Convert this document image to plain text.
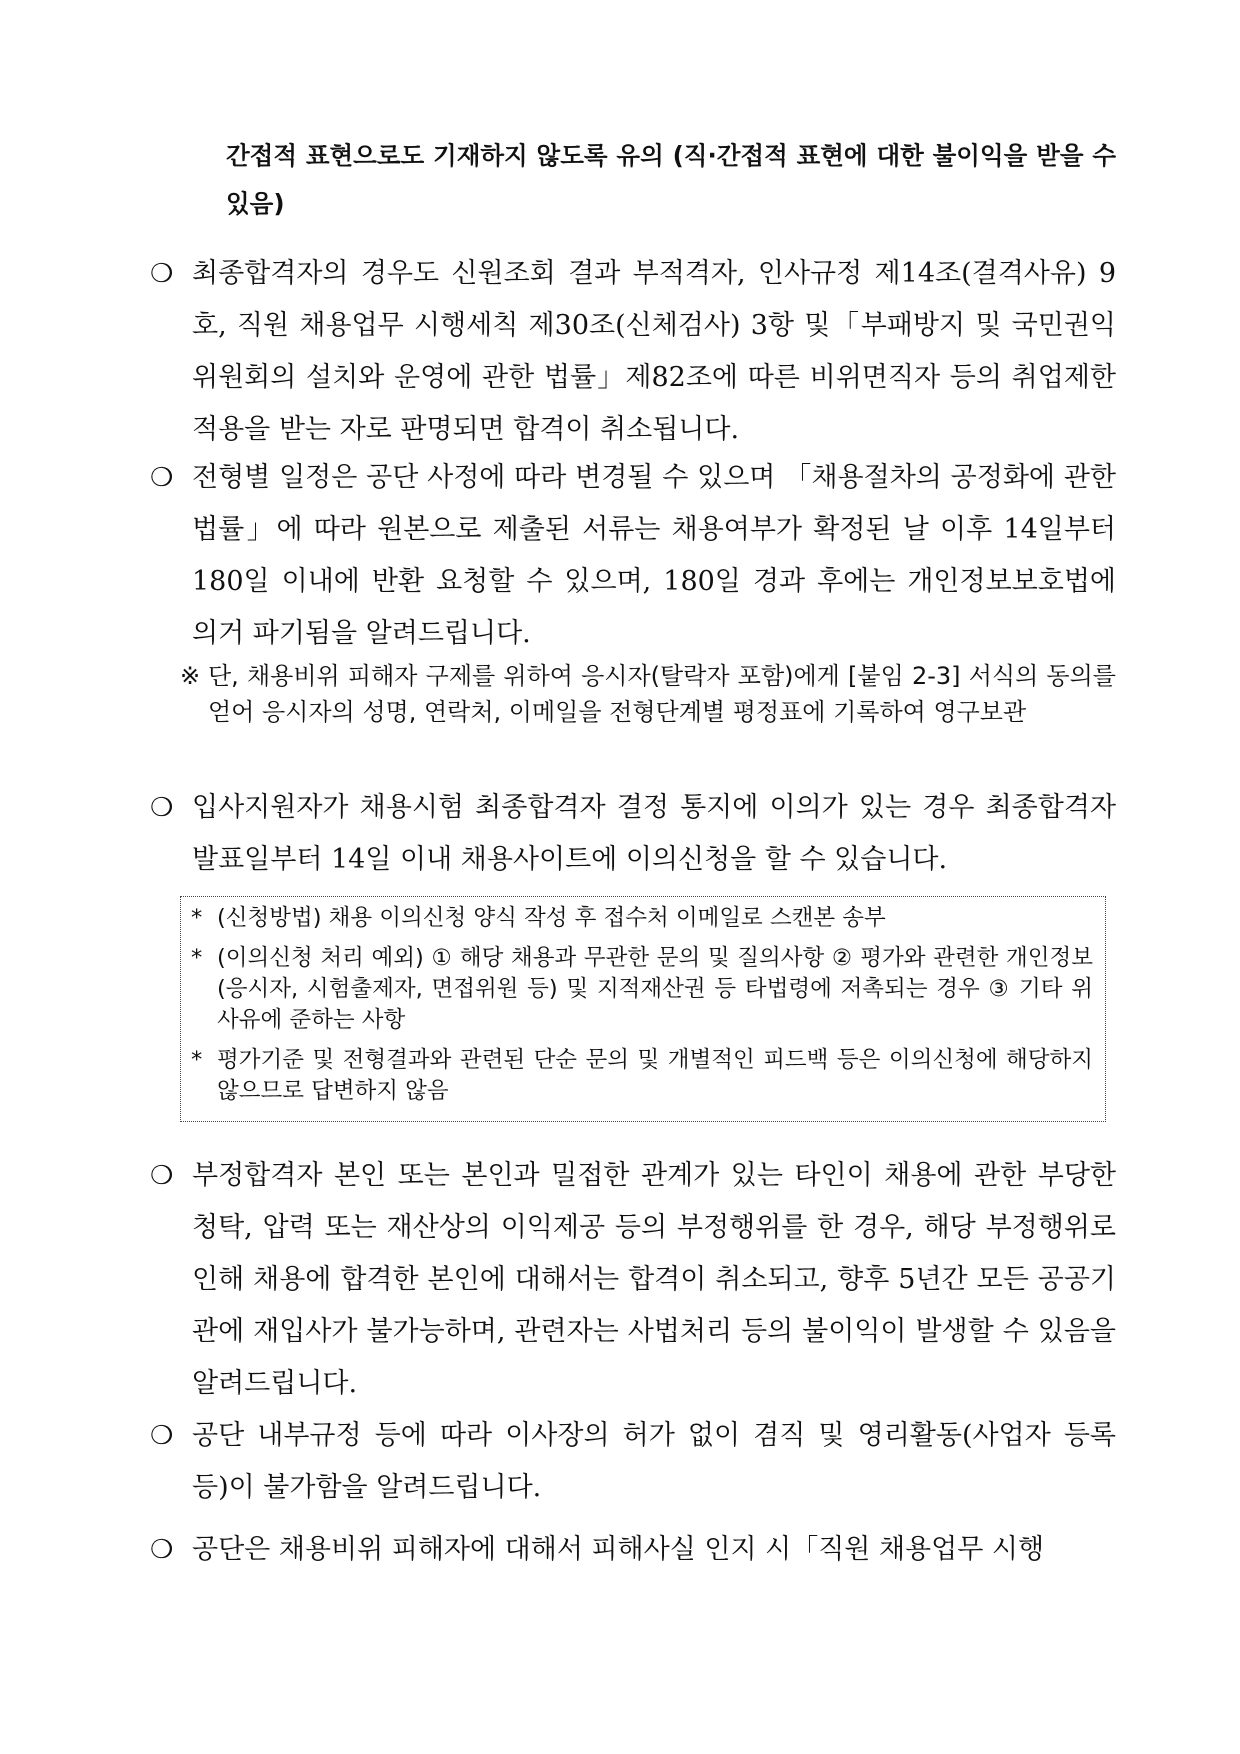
간접적 표현으로도 기재하지 않도록 유의 (직·간접적 표현에 대한 불이익을 받을 수 있음)
❍ 최종합격자의 경우도 신원조회 결과 부적격자, 인사규정 제14조(결격사유) 9호, 직원 채용업무 시행세칙 제30조(신체검사) 3항 및「부패방지 및 국민권익위원회의 설치와 운영에 관한 법률」제82조에 따른 비위면직자 등의 취업제한 적용을 받는 자로 판명되면 합격이 취소됩니다.
❍ 전형별 일정은 공단 사정에 따라 변경될 수 있으며 「채용절차의 공정화에 관한 법률」에 따라 원본으로 제출된 서류는 채용여부가 확정된 날 이후 14일부터 180일 이내에 반환 요청할 수 있으며, 180일 경과 후에는 개인정보보호법에 의거 파기됨을 알려드립니다.
※ 단, 채용비위 피해자 구제를 위하여 응시자(탈락자 포함)에게 [붙임 2-3] 서식의 동의를 얻어 응시자의 성명, 연락처, 이메일을 전형단계별 평정표에 기록하여 영구보관
❍ 입사지원자가 채용시험 최종합격자 결정 통지에 이의가 있는 경우 최종합격자 발표일부터 14일 이내 채용사이트에 이의신청을 할 수 있습니다.
* (신청방법) 채용 이의신청 양식 작성 후 접수처 이메일로 스캔본 송부
* (이의신청 처리 예외) ① 해당 채용과 무관한 문의 및 질의사항 ② 평가와 관련한 개인정보(응시자, 시험출제자, 면접위원 등) 및 지적재산권 등 타법령에 저촉되는 경우 ③ 기타 위 사유에 준하는 사항
* 평가기준 및 전형결과와 관련된 단순 문의 및 개별적인 피드백 등은 이의신청에 해당하지 않으므로 답변하지 않음
❍ 부정합격자 본인 또는 본인과 밀접한 관계가 있는 타인이 채용에 관한 부당한 청탁, 압력 또는 재산상의 이익제공 등의 부정행위를 한 경우, 해당 부정행위로 인해 채용에 합격한 본인에 대해서는 합격이 취소되고, 향후 5년간 모든 공공기관에 재입사가 불가능하며, 관련자는 사법처리 등의 불이익이 발생할 수 있음을 알려드립니다.
❍ 공단 내부규정 등에 따라 이사장의 허가 없이 겸직 및 영리활동(사업자 등록 등)이 불가함을 알려드립니다.
❍ 공단은 채용비위 피해자에 대해서 피해사실 인지 시「직원 채용업무 시행
